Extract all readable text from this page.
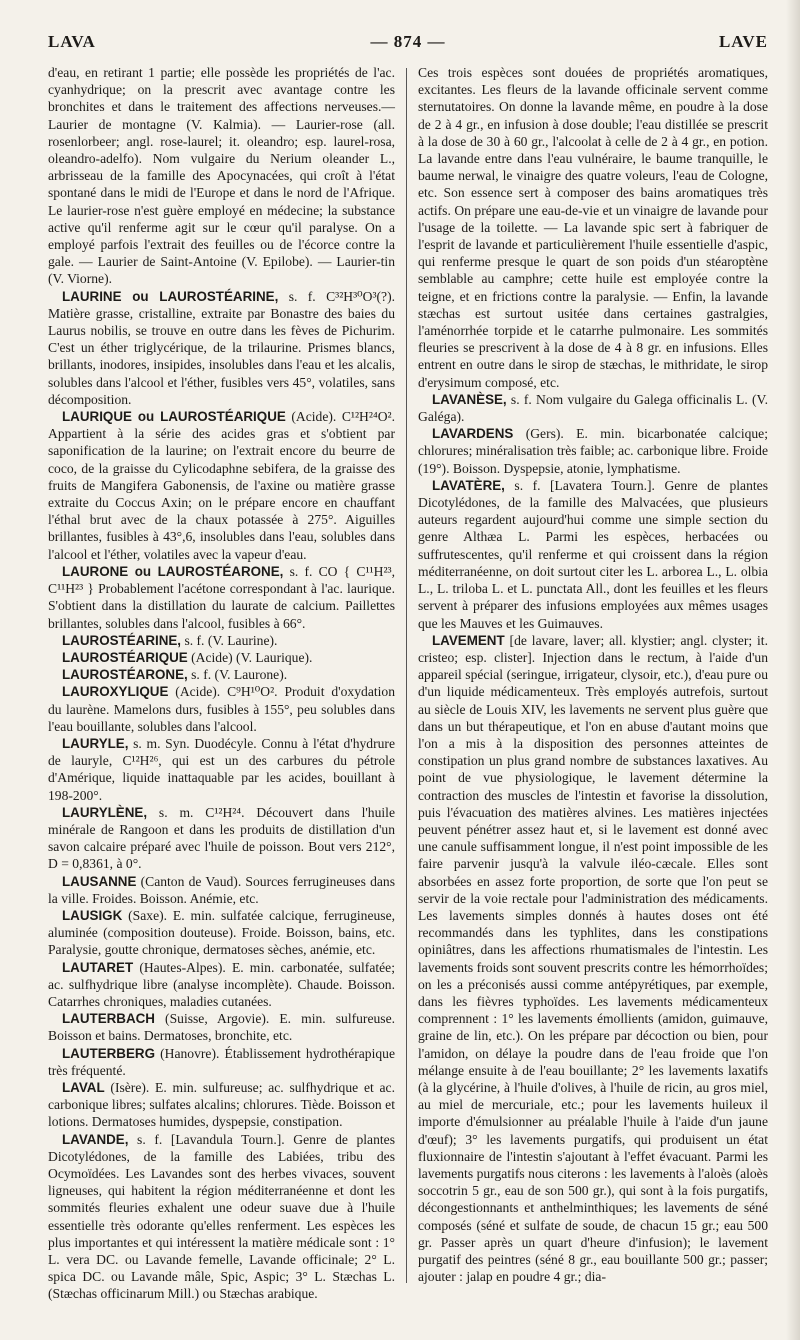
LAVA	— 874 —	LAVE

d'eau, en retirant 1 partie; elle possède les propriétés de l'ac. cyanhydrique; on la prescrit avec avantage contre les bronchites et dans le traitement des affections nerveuses.— Laurier de montagne (V. Kalmia). — Laurier-rose (all. rosenlorbeer; angl. rose-laurel; it. oleandro; esp. laurel-rosa, oleandro-adelfo). Nom vulgaire du Nerium oleander L., arbrisseau de la famille des Apocynacées, qui croît à l'état spontané dans le midi de l'Europe et dans le nord de l'Afrique. Le laurier-rose n'est guère employé en médecine; la substance active qu'il renferme agit sur le cœur qu'il paralyse. On a employé parfois l'extrait des feuilles ou de l'écorce contre la gale. — Laurier de Saint-Antoine (V. Epilobe). — Laurier-tin (V. Viorne).

LAURINE ou LAUROSTÉARINE, s. f. C³²H³⁰O³(?). Matière grasse, cristalline, extraite par Bonastre des baies du Laurus nobilis, se trouve en outre dans les fèves de Pichurim. C'est un éther triglycérique, de la trilaurine. Prismes blancs, brillants, inodores, insipides, insolubles dans l'eau et les alcalis, solubles dans l'alcool et l'éther, fusibles vers 45°, volatiles, sans décomposition.

LAURIQUE ou LAUROSTÉARIQUE (Acide). C¹²H²⁴O². Appartient à la série des acides gras et s'obtient par saponification de la laurine; on l'extrait encore du beurre de coco, de la graisse du Cylicodaphne sebifera, de la graisse des fruits de Mangifera Gabonensis, de l'axine ou matière grasse extraite du Coccus Axin; on le prépare encore en chauffant l'éthal brut avec de la chaux potassée à 275°. Aiguilles brillantes, fusibles à 43°,6, insolubles dans l'eau, solubles dans l'alcool et l'éther, volatiles avec la vapeur d'eau.

LAURONE ou LAUROSTÉARONE, s. f. CO { C¹¹H²³, C¹¹H²³ } Probablement l'acétone correspondant à l'ac. laurique. S'obtient dans la distillation du laurate de calcium. Paillettes brillantes, solubles dans l'alcool, fusibles à 66°.

LAUROSTÉARINE, s. f. (V. Laurine).

LAUROSTÉARIQUE (Acide) (V. Laurique).

LAUROSTÉARONE, s. f. (V. Laurone).

LAUROXYLIQUE (Acide). C⁹H¹⁰O². Produit d'oxydation du laurène. Mamelons durs, fusibles à 155°, peu solubles dans l'eau bouillante, solubles dans l'alcool.

LAURYLE, s. m. Syn. Duodécyle. Connu à l'état d'hydrure de lauryle, C¹²H²⁶, qui est un des carbures du pétrole d'Amérique, liquide inattaquable par les acides, bouillant à 198-200°.

LAURYLÈNE, s. m. C¹²H²⁴. Découvert dans l'huile minérale de Rangoon et dans les produits de distillation d'un savon calcaire préparé avec l'huile de poisson. Bout vers 212°, D = 0,8361, à 0°.

LAUSANNE (Canton de Vaud). Sources ferrugineuses dans la ville. Froides. Boisson. Anémie, etc.

LAUSIGK (Saxe). E. min. sulfatée calcique, ferrugineuse, aluminée (composition douteuse). Froide. Boisson, bains, etc. Paralysie, goutte chronique, dermatoses sèches, anémie, etc.

LAUTARET (Hautes-Alpes). E. min. carbonatée, sulfatée; ac. sulfhydrique libre (analyse incomplète). Chaude. Boisson. Catarrhes chroniques, maladies cutanées.

LAUTERBACH (Suisse, Argovie). E. min. sulfureuse. Boisson et bains. Dermatoses, bronchite, etc.

LAUTERBERG (Hanovre). Établissement hydrothérapique très fréquenté.

LAVAL (Isère). E. min. sulfureuse; ac. sulfhydrique et ac. carbonique libres; sulfates alcalins; chlorures. Tiède. Boisson et lotions. Dermatoses humides, dyspepsie, constipation.

LAVANDE, s. f. [Lavandula Tourn.]. Genre de plantes Dicotylédones, de la famille des Labiées, tribu des Ocymoïdées. Les Lavandes sont des herbes vivaces, souvent ligneuses, qui habitent la région méditerranéenne et dont les sommités fleuries exhalent une odeur suave due à l'huile essentielle très odorante qu'elles renferment. Les espèces les plus importantes et qui intéressent la matière médicale sont : 1° L. vera DC. ou Lavande femelle, Lavande officinale; 2° L. spica DC. ou Lavande mâle, Spic, Aspic; 3° L. Stæchas L. (Stæchas officinarum Mill.) ou Stæchas arabique.

Ces trois espèces sont douées de propriétés aromatiques, excitantes. Les fleurs de la lavande officinale servent comme sternutatoires. On donne la lavande même, en poudre à la dose de 2 à 4 gr., en infusion à dose double; l'eau distillée se prescrit à la dose de 30 à 60 gr., l'alcoolat à celle de 2 à 4 gr., en potion. La lavande entre dans l'eau vulnéraire, le baume tranquille, le baume nerwal, le vinaigre des quatre voleurs, l'eau de Cologne, etc. Son essence sert à composer des bains aromatiques très actifs. On prépare une eau-de-vie et un vinaigre de lavande pour l'usage de la toilette. — La lavande spic sert à fabriquer de l'esprit de lavande et particulièrement l'huile essentielle d'aspic, qui renferme presque le quart de son poids d'un stéaroptène semblable au camphre; cette huile est employée contre la teigne, et en frictions contre la paralysie. — Enfin, la lavande stæchas est surtout usitée dans certaines gastralgies, l'aménorrhée torpide et le catarrhe pulmonaire. Les sommités fleuries se prescrivent à la dose de 4 à 8 gr. en infusions. Elles entrent en outre dans le sirop de stæchas, le mithridate, le sirop d'erysimum composé, etc.

LAVANÈSE, s. f. Nom vulgaire du Galega officinalis L. (V. Galéga).

LAVARDENS (Gers). E. min. bicarbonatée calcique; chlorures; minéralisation très faible; ac. carbonique libre. Froide (19°). Boisson. Dyspepsie, atonie, lymphatisme.

LAVATÈRE, s. f. [Lavatera Tourn.]. Genre de plantes Dicotylédones, de la famille des Malvacées, que plusieurs auteurs regardent aujourd'hui comme une simple section du genre Althæa L. Parmi les espèces, herbacées ou suffrutescentes, qu'il renferme et qui croissent dans la région méditerranéenne, on doit surtout citer les L. arborea L., L. olbia L., L. triloba L. et L. punctata All., dont les feuilles et les fleurs servent à préparer des infusions employées aux mêmes usages que les Mauves et les Guimauves.

LAVEMENT [de lavare, laver; all. klystier; angl. clyster; it. cristeo; esp. clister]. Injection dans le rectum, à l'aide d'un appareil spécial (seringue, irrigateur, clysoir, etc.), d'eau pure ou d'un liquide médicamenteux. Très employés autrefois, surtout au siècle de Louis XIV, les lavements ne servent plus guère que dans un but thérapeutique, et l'on en abuse d'autant moins que l'on a mis à la disposition des personnes atteintes de constipation un plus grand nombre de substances laxatives. Au point de vue physiologique, le lavement détermine la contraction des muscles de l'intestin et favorise la dissolution, puis l'évacuation des matières alvines. Les matières injectées peuvent pénétrer assez haut et, si le lavement est donné avec une canule suffisamment longue, il n'est point impossible de les faire parvenir jusqu'à la valvule iléo-cæcale. Elles sont absorbées en assez forte proportion, de sorte que l'on peut se servir de la voie rectale pour l'administration des médicaments. Les lavements simples donnés à hautes doses ont été recommandés dans les typhlites, dans les constipations opiniâtres, dans les affections rhumatismales de l'intestin. Les lavements froids sont souvent prescrits contre les hémorrhoïdes; on les a préconisés aussi comme antépyrétiques, par exemple, dans les fièvres typhoïdes. Les lavements médicamenteux comprennent : 1° les lavements émollients (amidon, guimauve, graine de lin, etc.). On les prépare par décoction ou bien, pour l'amidon, on délaye la poudre dans de l'eau froide que l'on mélange ensuite à de l'eau bouillante; 2° les lavements laxatifs (à la glycérine, à l'huile d'olives, à l'huile de ricin, au gros miel, au miel de mercuriale, etc.; pour les lavements huileux il importe d'émulsionner au préalable l'huile à l'aide d'un jaune d'œuf); 3° les lavements purgatifs, qui produisent un état fluxionnaire de l'intestin s'ajoutant à l'effet évacuant. Parmi les lavements purgatifs nous citerons : les lavements à l'aloès (aloès soccotrin 5 gr., eau de son 500 gr.), qui sont à la fois purgatifs, décongestionnants et anthelminthiques; les lavements de séné composés (séné et sulfate de soude, de chacun 15 gr.; eau 500 gr. Passer après un quart d'heure d'infusion); le lavement purgatif des peintres (séné 8 gr., eau bouillante 500 gr.; passer; ajouter : jalap en poudre 4 gr.; dia-
